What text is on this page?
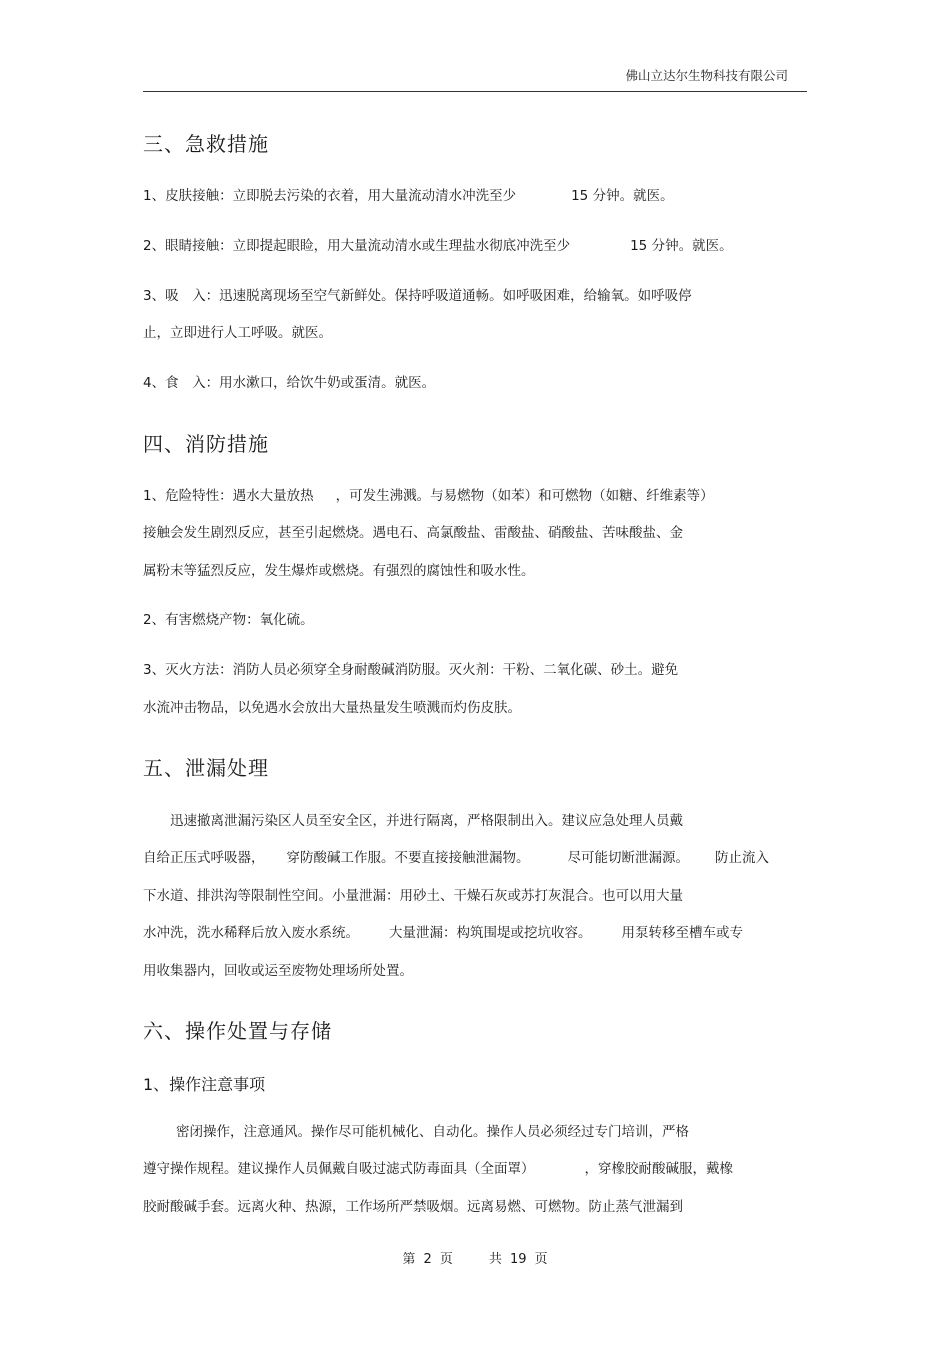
佛山立达尔生物科技有限公司
三、急救措施
1、皮肤接触：立即脱去污染的衣着，用大量流动清水冲洗至少	15 分钟。就医。
2、眼睛接触：立即提起眼睑，用大量流动清水或生理盐水彻底冲洗至少	15 分钟。就医。
3、吸　入：迅速脱离现场至空气新鲜处。保持呼吸道通畅。如呼吸困难，给输氧。如呼吸停
止，立即进行人工呼吸。就医。
4、食　入：用水漱口，给饮牛奶或蛋清。就医。
四、消防措施
1、危险特性：遇水大量放热 ，可发生沸溅。与易燃物（如苯）和可燃物（如糖、纤维素等）
接触会发生剧烈反应，甚至引起燃烧。遇电石、高氯酸盐、雷酸盐、硝酸盐、苦味酸盐、金
属粉末等猛烈反应，发生爆炸或燃烧。有强烈的腐蚀性和吸水性。
2、有害燃烧产物：氧化硫。
3、灭火方法：消防人员必须穿全身耐酸碱消防服。灭火剂：干粉、二氧化碳、砂土。避免
水流冲击物品，以免遇水会放出大量热量发生喷溅而灼伤皮肤。
五、泄漏处理
迅速撤离泄漏污染区人员至安全区，并进行隔离，严格限制出入。建议应急处理人员戴
自给正压式呼吸器， 穿防酸碱工作服。不要直接接触泄漏物。	尽可能切断泄漏源。 防止流入
下水道、排洪沟等限制性空间。小量泄漏：用砂土、干燥石灰或苏打灰混合。也可以用大量
水冲洗，洗水稀释后放入废水系统。 大量泄漏：构筑围堤或挖坑收容。 用泵转移至槽车或专
用收集器内，回收或运至废物处理场所处置。
六、操作处置与存储
1、操作注意事项
密闭操作，注意通风。操作尽可能机械化、自动化。操作人员必须经过专门培训，严格
遵守操作规程。建议操作人员佩戴自吸过滤式防毒面具（全面罩）	，穿橡胶耐酸碱服，戴橡
胶耐酸碱手套。远离火种、热源，工作场所严禁吸烟。远离易燃、可燃物。防止蒸气泄漏到
第 2 页	共 19 页
